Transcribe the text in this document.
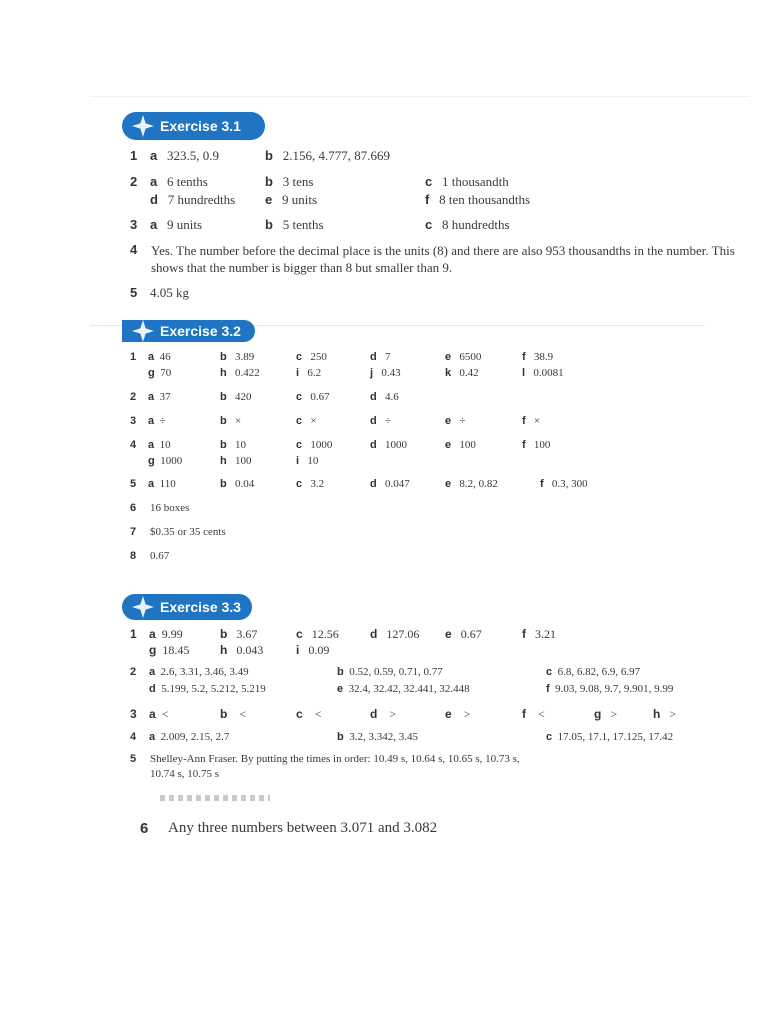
Exercise 3.1
1 a 323.5, 0.9	b 2.156, 4.777, 87.669
2 a 6 tenths	b 3 tens	c 1 thousandth
d 7 hundredths e 9 units	f 8 ten thousandths
3 a 9 units	b 5 tenths	c 8 hundredths
4 Yes. The number before the decimal place is the units (8) and there are also 953 thousandths in the number. This shows that the number is bigger than 8 but smaller than 9.
5 4.05 kg
Exercise 3.2
1 a 46	b 3.89	c 250	d 7	e 6500	f 38.9
g 70	h 0.422	i 6.2	j 0.43	k 0.42	l 0.0081
2 a 37	b 420	c 0.67	d 4.6
3 a ÷	b ×	c ×	d ÷	e ÷	f ×
4 a 10	b 10	c 1000	d 1000	e 100	f 100
g 1000	h 100	i 10
5 a 110	b 0.04	c 3.2	d 0.047	e 8.2, 0.82	f 0.3, 300
6 16 boxes
7 $0.35 or 35 cents
8 0.67
Exercise 3.3
1 a 9.99	b 3.67	c 12.56	d 127.06 e 0.67	f 3.21
g 18.45	h 0.043	i 0.09
2 a 2.6, 3.31, 3.46, 3.49	b 0.52, 0.59, 0.71, 0.77	c 6.8, 6.82, 6.9, 6.97
d 5.199, 5.2, 5.212, 5.219	e 32.4, 32.42, 32.441, 32.448	f 9.03, 9.08, 9.7, 9.901, 9.99
3 a <	b <	c <	d >	e >	f <	g >	h >
4 a 2.009, 2.15, 2.7	b 3.2, 3.342, 3.45	c 17.05, 17.1, 17.125, 17.42
5 Shelley-Ann Fraser. By putting the times in order: 10.49 s, 10.64 s, 10.65 s, 10.73 s,
10.74 s, 10.75 s
6 Any three numbers between 3.071 and 3.082
